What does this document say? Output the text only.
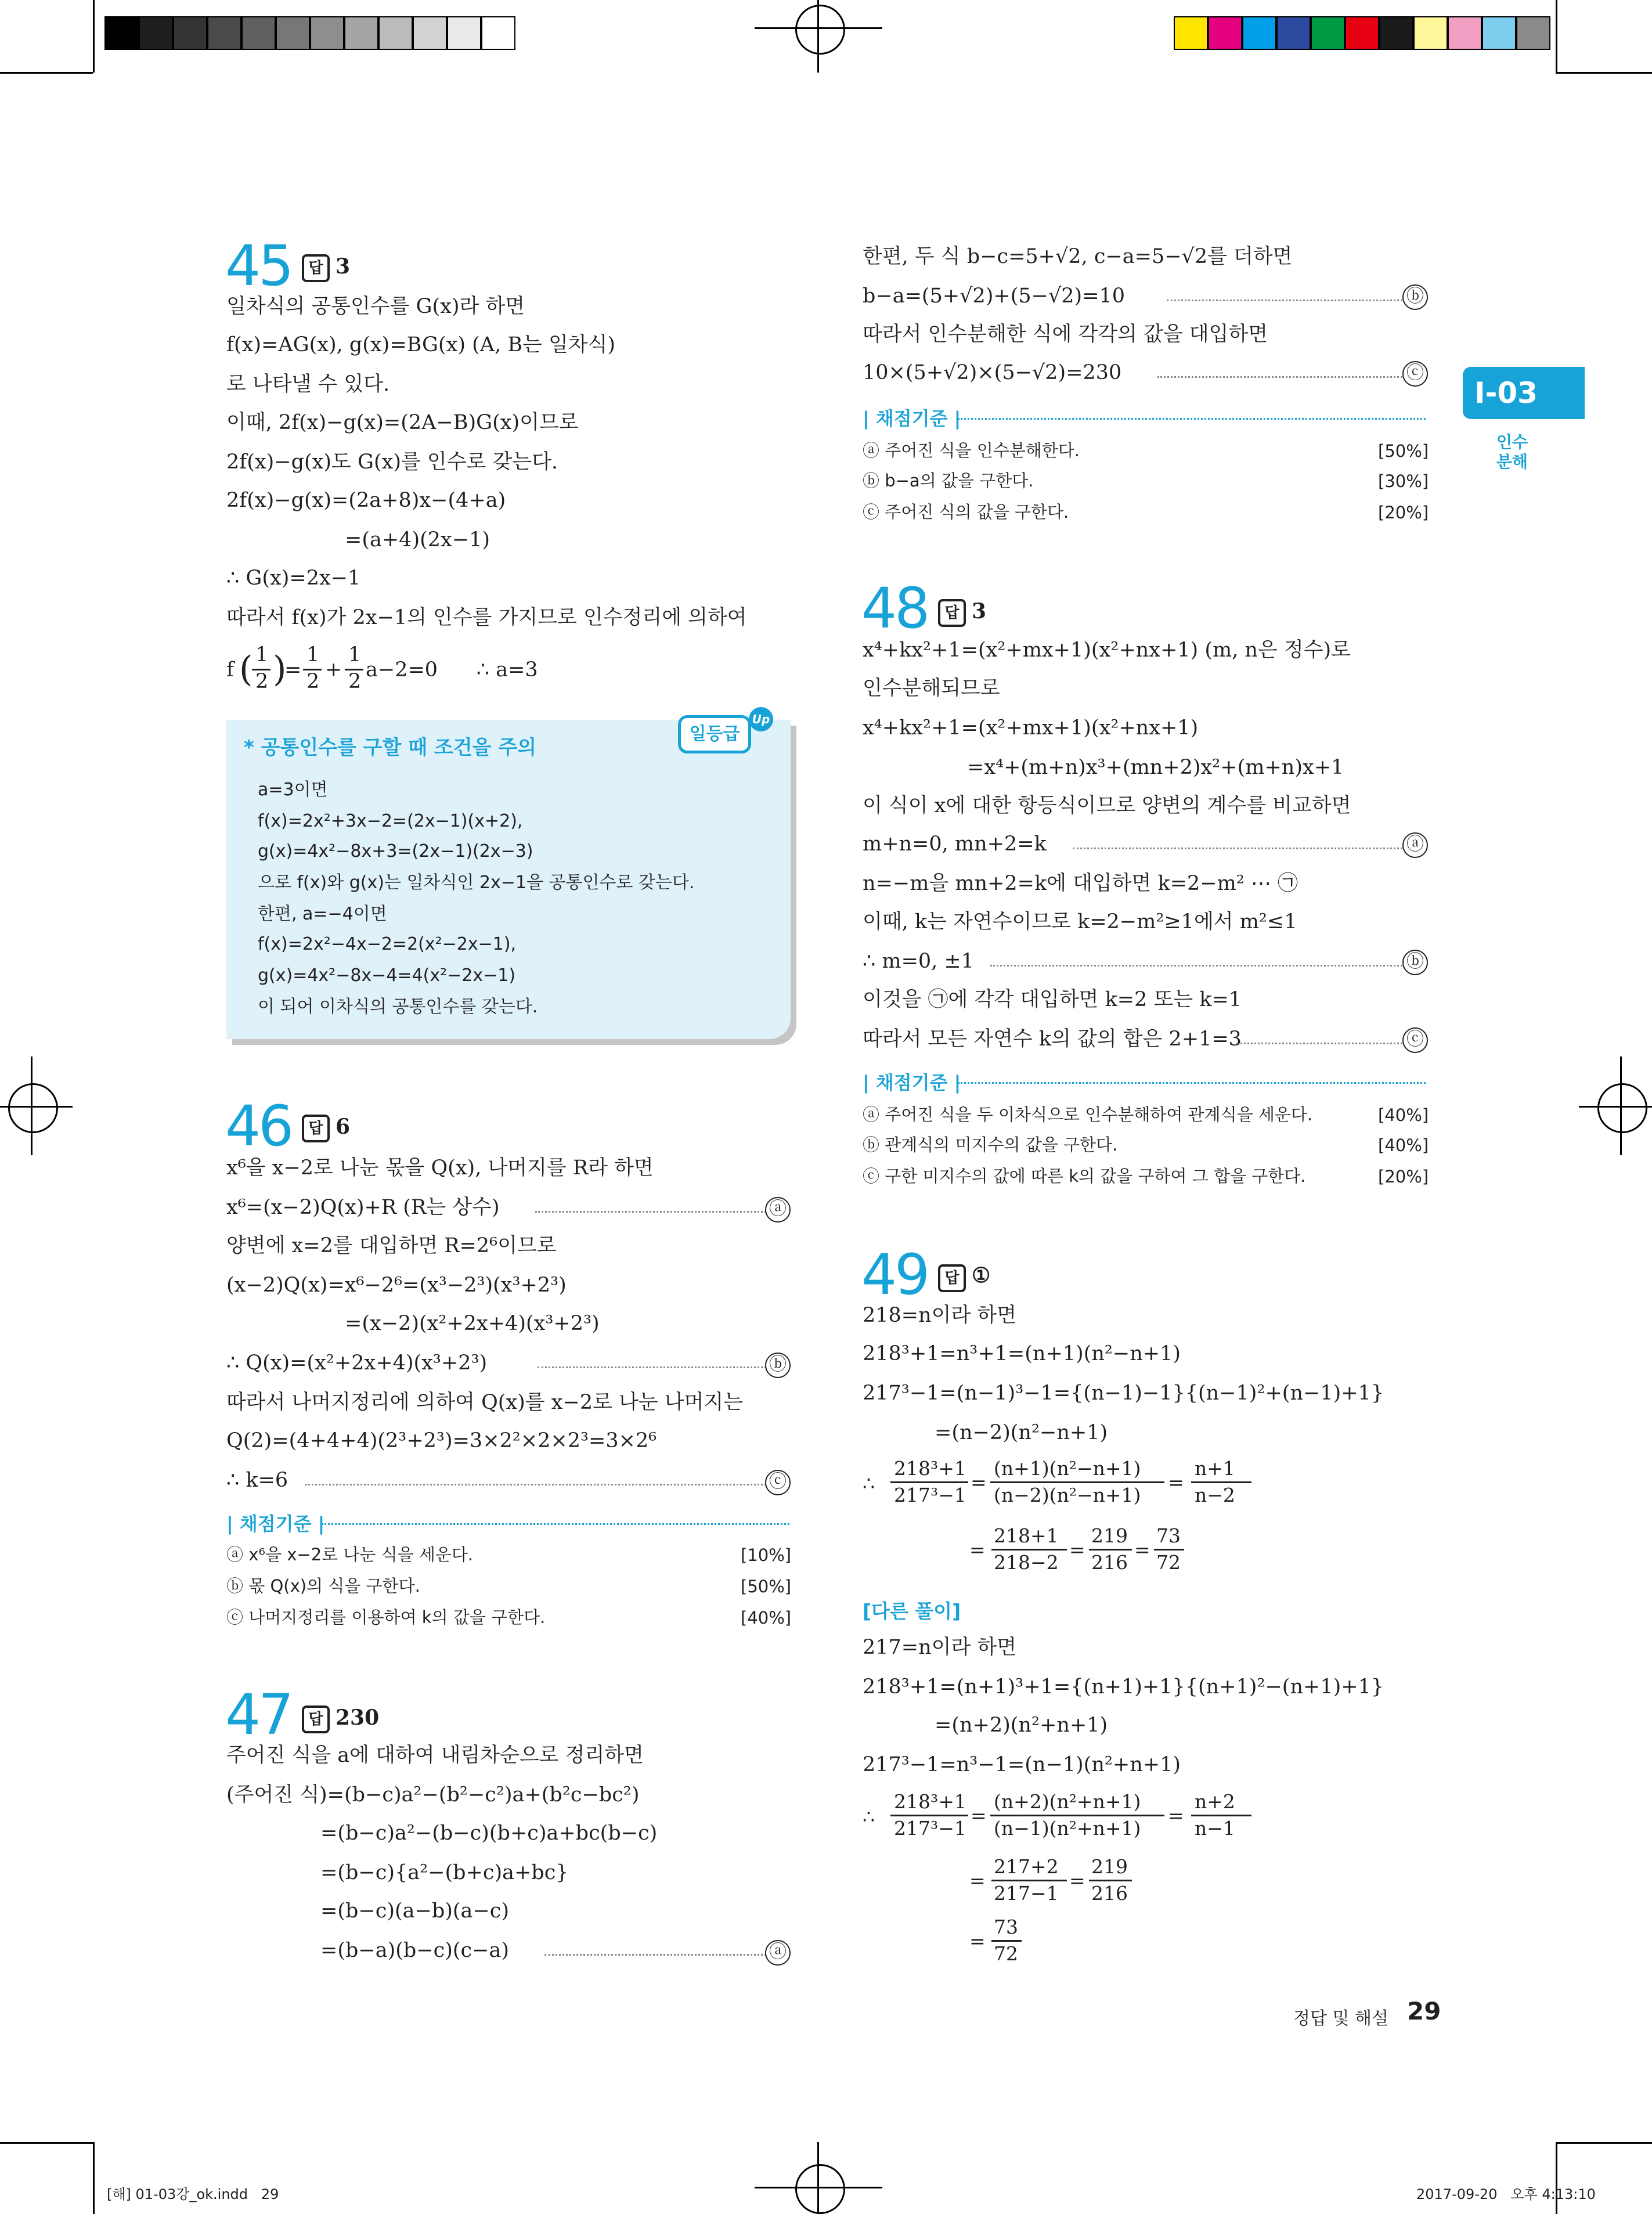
I-03
인수
분해
45	답 3
일차식의 공통인수를 G(x)라 하면
f(x)=AG(x), g(x)=BG(x) (A, B는 일차식)
로 나타낼 수 있다.
이때, 2f(x)−g(x)=(2A−B)G(x)이므로
2f(x)−g(x)도 G(x)를 인수로 갖는다.
2f(x)−g(x)=(2a+8)x−(4+a)
=(a+4)(2x−1)
∴ G(x)=2x−1
따라서 f(x)가 2x−1의 인수를 가지므로 인수정리에 의하여
f ( 1
2 )
=
1
2 +
1
2 a−2=0      ∴ a=3
* 공통인수를 구할 때 조건을 주의
일등급
Up
a=3이면
f(x)=2x²+3x−2=(2x−1)(x+2),
g(x)=4x²−8x+3=(2x−1)(2x−3)
으로 f(x)와 g(x)는 일차식인 2x−1을 공통인수로 갖는다.
한편, a=−4이면
f(x)=2x²−4x−2=2(x²−2x−1),
g(x)=4x²−8x−4=4(x²−2x−1)
이 되어 이차식의 공통인수를 갖는다.
46	답 6
x⁶을 x−2로 나눈 몫을 Q(x), 나머지를 R라 하면
x⁶=(x−2)Q(x)+R (R는 상수)	ⓐ
양변에 x=2를 대입하면 R=2⁶이므로
(x−2)Q(x)=x⁶−2⁶=(x³−2³)(x³+2³)
=(x−2)(x²+2x+4)(x³+2³)
∴ Q(x)=(x²+2x+4)(x³+2³)	ⓑ
따라서 나머지정리에 의하여 Q(x)를 x−2로 나눈 나머지는
Q(2)=(4+4+4)(2³+2³)=3×2²×2×2³=3×2⁶
∴ k=6	ⓒ
| 채점기준 |
ⓐ x⁶을 x−2로 나눈 식을 세운다.	[10%]
ⓑ 몫 Q(x)의 식을 구한다.	[50%]
ⓒ 나머지정리를 이용하여 k의 값을 구한다.	[40%]
47	답 230
주어진 식을 a에 대하여 내림차순으로 정리하면
(주어진 식)=(b−c)a²−(b²−c²)a+(b²c−bc²)
=(b−c)a²−(b−c)(b+c)a+bc(b−c)
=(b−c){a²−(b+c)a+bc}
=(b−c)(a−b)(a−c)
=(b−a)(b−c)(c−a)	ⓐ
한편, 두 식 b−c=5+√2, c−a=5−√2를 더하면
b−a=(5+√2)+(5−√2)=10	ⓑ
따라서 인수분해한 식에 각각의 값을 대입하면
10×(5+√2)×(5−√2)=230	ⓒ
| 채점기준 |
ⓐ 주어진 식을 인수분해한다.	[50%]
ⓑ b−a의 값을 구한다.	[30%]
ⓒ 주어진 식의 값을 구한다.	[20%]
48	답 3
x⁴+kx²+1=(x²+mx+1)(x²+nx+1) (m, n은 정수)로
인수분해되므로
x⁴+kx²+1=(x²+mx+1)(x²+nx+1)
=x⁴+(m+n)x³+(mn+2)x²+(m+n)x+1
이 식이 x에 대한 항등식이므로 양변의 계수를 비교하면
m+n=0, mn+2=k	ⓐ
n=−m을 mn+2=k에 대입하면 k=2−m² ⋯ ㉠
이때, k는 자연수이므로 k=2−m²≥1에서 m²≤1
∴ m=0, ±1	ⓑ
이것을 ㉠에 각각 대입하면 k=2 또는 k=1
따라서 모든 자연수 k의 값의 합은 2+1=3	ⓒ
| 채점기준 |
ⓐ 주어진 식을 두 이차식으로 인수분해하여 관계식을 세운다.	[40%]
ⓑ 관계식의 미지수의 값을 구한다.	[40%]
ⓒ 구한 미지수의 값에 따른 k의 값을 구하여 그 합을 구한다.	[20%]
49	답 ①
218=n이라 하면
218³+1=n³+1=(n+1)(n²−n+1)
217³−1=(n−1)³−1={(n−1)−1}{(n−1)²+(n−1)+1}
=(n−2)(n²−n+1)
∴
218³+1
217³−1
=
(n+1)(n²−n+1)
(n−2)(n²−n+1)
=
n+1
n−2
=
218+1
218−2
=
219
216
=
73
72
[다른 풀이]
217=n이라 하면
218³+1=(n+1)³+1={(n+1)+1}{(n+1)²−(n+1)+1}
=(n+2)(n²+n+1)
217³−1=n³−1=(n−1)(n²+n+1)
∴
218³+1
217³−1
=
(n+2)(n²+n+1)
(n−1)(n²+n+1)
=
n+2
n−1
=
217+2
217−1
=
219
216
=
73
72
정답 및 해설 29
[해] 01-03강_ok.indd   29	2017-09-20   오후 4:13:10
